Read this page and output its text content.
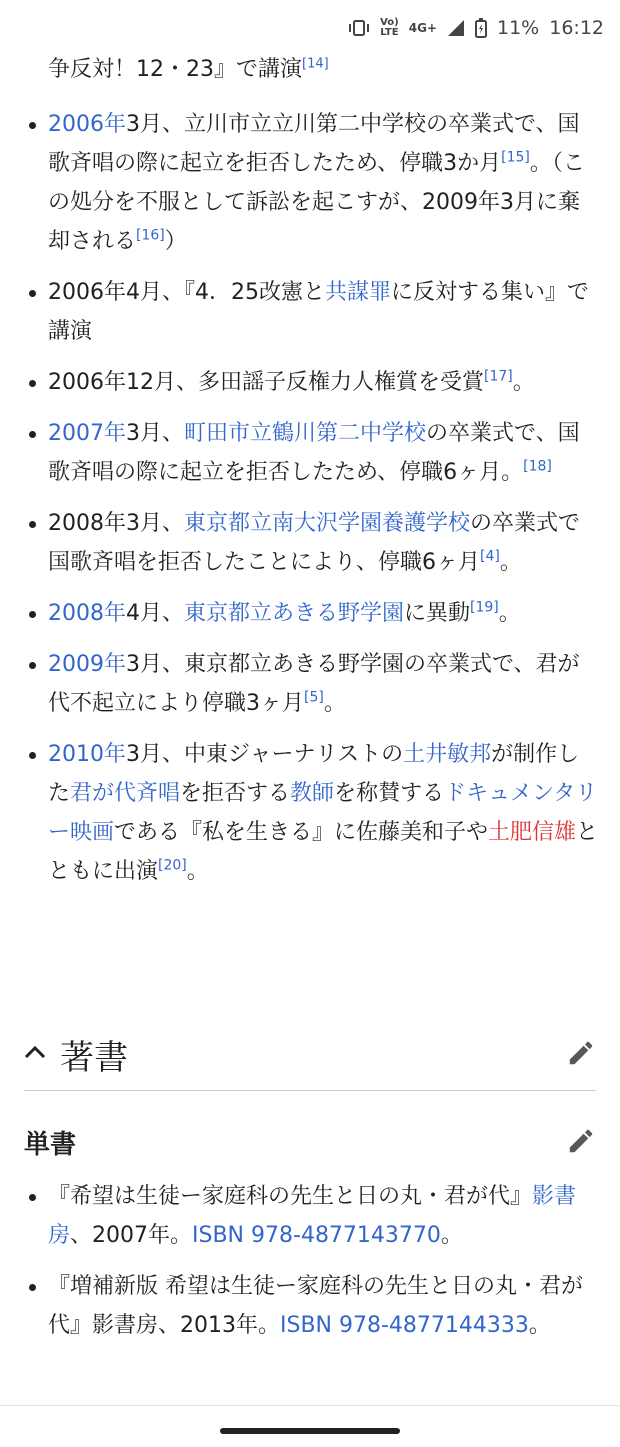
Vo)
LTE 4G+	11% 16:12
争反対！12・23』で講演[14]
2006年3月、立川市立立川第二中学校の卒業式で、国歌斉唱の際に起立を拒否したため、停職3か月[15]。（この処分を不服として訴訟を起こすが、2009年3月に棄却される[16]）
2006年4月、『4．25改憲と共謀罪に反対する集い』で講演
2006年12月、多田謡子反権力人権賞を受賞[17]。
2007年3月、町田市立鶴川第二中学校の卒業式で、国歌斉唱の際に起立を拒否したため、停職6ヶ月。[18]
2008年3月、東京都立南大沢学園養護学校の卒業式で国歌斉唱を拒否したことにより、停職6ヶ月[4]。
2008年4月、東京都立あきる野学園に異動[19]。
2009年3月、東京都立あきる野学園の卒業式で、君が代不起立により停職3ヶ月[5]。
2010年3月、中東ジャーナリストの土井敏邦が制作した君が代斉唱を拒否する教師を称賛するドキュメンタリー映画である『私を生きる』に佐藤美和子や土肥信雄とともに出演[20]。
著書
単書
『希望は生徒ー家庭科の先生と日の丸・君が代』影書房、2007年。ISBN 978-4877143770。
『増補新版 希望は生徒ー家庭科の先生と日の丸・君が代』影書房、2013年。ISBN 978-4877144333。
